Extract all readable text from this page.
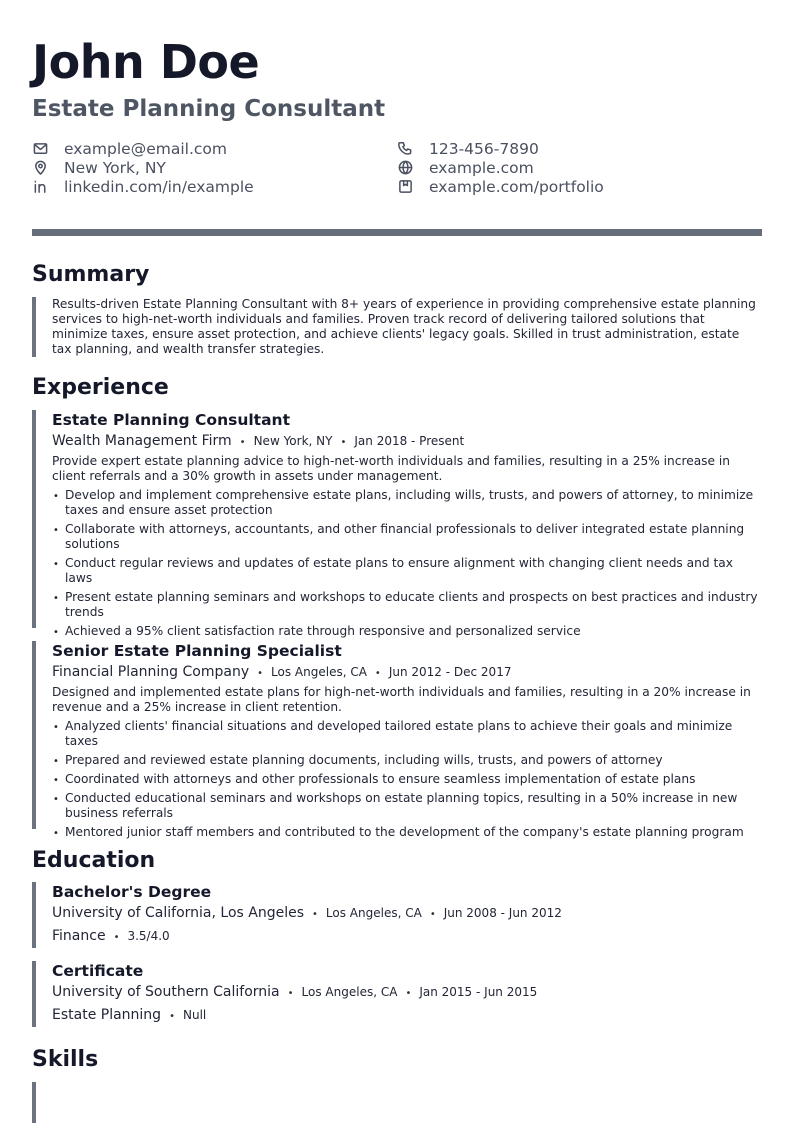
John Doe
Estate Planning Consultant
example@email.com	123-456-7890
New York, NY	example.com
linkedin.com/in/example	example.com/portfolio
Summary
Results-driven Estate Planning Consultant with 8+ years of experience in providing comprehensive estate planning services to high-net-worth individuals and families. Proven track record of delivering tailored solutions that minimize taxes, ensure asset protection, and achieve clients' legacy goals. Skilled in trust administration, estate tax planning, and wealth transfer strategies.
Experience
Estate Planning Consultant
Wealth Management Firm • New York, NY • Jan 2018 - Present
Provide expert estate planning advice to high-net-worth individuals and families, resulting in a 25% increase in client referrals and a 30% growth in assets under management.
• Develop and implement comprehensive estate plans, including wills, trusts, and powers of attorney, to minimize taxes and ensure asset protection
• Collaborate with attorneys, accountants, and other financial professionals to deliver integrated estate planning solutions
• Conduct regular reviews and updates of estate plans to ensure alignment with changing client needs and tax laws
• Present estate planning seminars and workshops to educate clients and prospects on best practices and industry trends
• Achieved a 95% client satisfaction rate through responsive and personalized service
Senior Estate Planning Specialist
Financial Planning Company • Los Angeles, CA • Jun 2012 - Dec 2017
Designed and implemented estate plans for high-net-worth individuals and families, resulting in a 20% increase in revenue and a 25% increase in client retention.
• Analyzed clients' financial situations and developed tailored estate plans to achieve their goals and minimize taxes
• Prepared and reviewed estate planning documents, including wills, trusts, and powers of attorney
• Coordinated with attorneys and other professionals to ensure seamless implementation of estate plans
• Conducted educational seminars and workshops on estate planning topics, resulting in a 50% increase in new business referrals
• Mentored junior staff members and contributed to the development of the company's estate planning program
Education
Bachelor's Degree
University of California, Los Angeles • Los Angeles, CA • Jun 2008 - Jun 2012
Finance • 3.5/4.0
Certificate
University of Southern California • Los Angeles, CA • Jan 2015 - Jun 2015
Estate Planning • Null
Skills
